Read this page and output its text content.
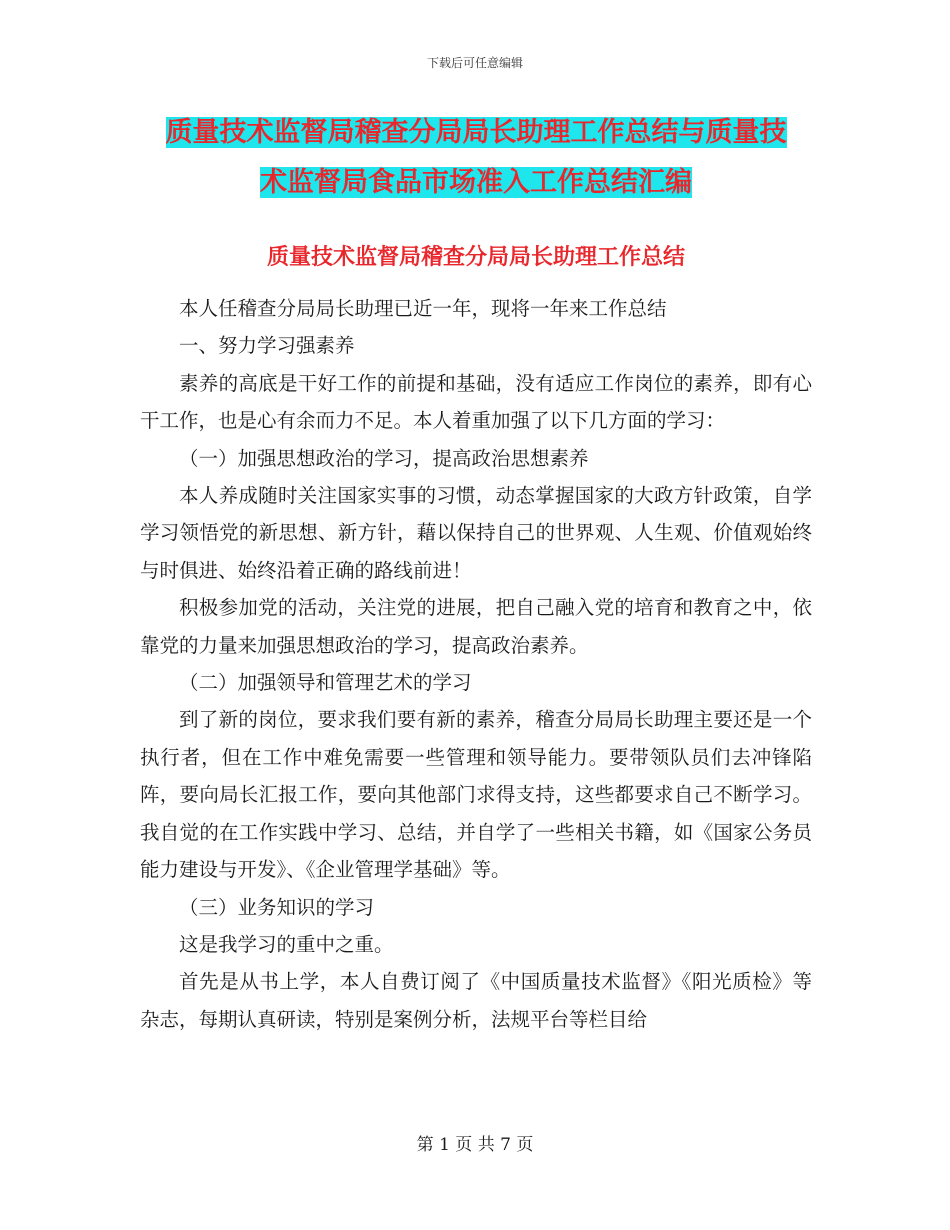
下载后可任意编辑
质量技术监督局稽查分局局长助理工作总结与质量技
术监督局食品市场准入工作总结汇编
质量技术监督局稽查分局局长助理工作总结

本人任稽查分局局长助理已近一年，现将一年来工作总结

一、努力学习强素养

素养的高底是干好工作的前提和基础，没有适应工作岗位的素养，即有心干工作，也是心有余而力不足。本人着重加强了以下几方面的学习：

（一）加强思想政治的学习，提高政治思想素养

本人养成随时关注国家实事的习惯，动态掌握国家的大政方针政策，自学学习领悟党的新思想、新方针，藉以保持自己的世界观、人生观、价值观始终与时俱进、始终沿着正确的路线前进！

积极参加党的活动，关注党的进展，把自己融入党的培育和教育之中，依靠党的力量来加强思想政治的学习，提高政治素养。

（二）加强领导和管理艺术的学习

到了新的岗位，要求我们要有新的素养，稽查分局局长助理主要还是一个执行者，但在工作中难免需要一些管理和领导能力。要带领队员们去冲锋陷阵，要向局长汇报工作，要向其他部门求得支持，这些都要求自己不断学习。我自觉的在工作实践中学习、总结，并自学了一些相关书籍，如《国家公务员能力建设与开发》、《企业管理学基础》等。

（三）业务知识的学习

这是我学习的重中之重。

首先是从书上学，本人自费订阅了《中国质量技术监督》《阳光质检》等杂志，每期认真研读，特别是案例分析，法规平台等栏目给

第 1 页 共 7 页
